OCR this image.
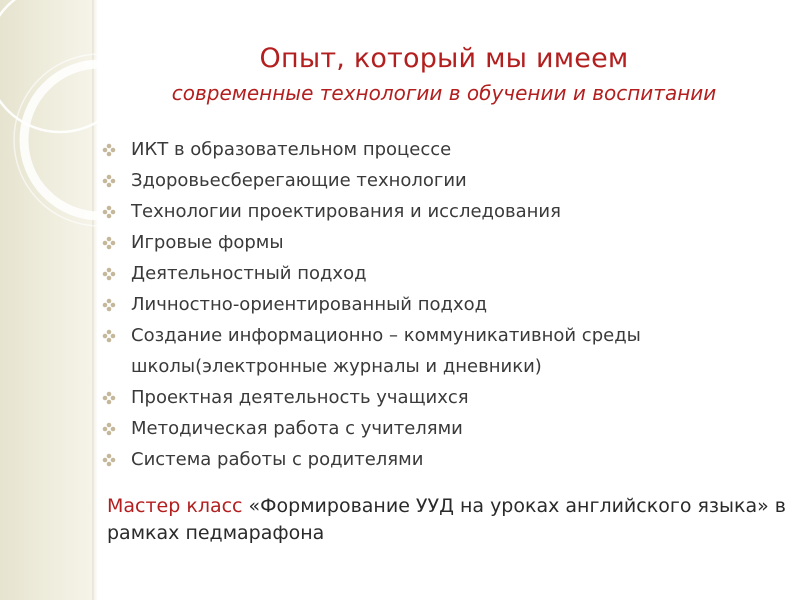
Опыт, который мы имеем
современные технологии в обучении и воспитании
ИКТ в образовательном процессе
Здоровьесберегающие технологии
Технологии проектирования и исследования
Игровые формы
Деятельностный подход
Личностно-ориентированный подход
Создание информационно – коммуникативной среды школы(электронные журналы и дневники)
Проектная деятельность учащихся
Методическая работа с учителями
Система работы с родителями
Мастер класс «Формирование УУД на уроках английского языка» в рамках педмарафона
